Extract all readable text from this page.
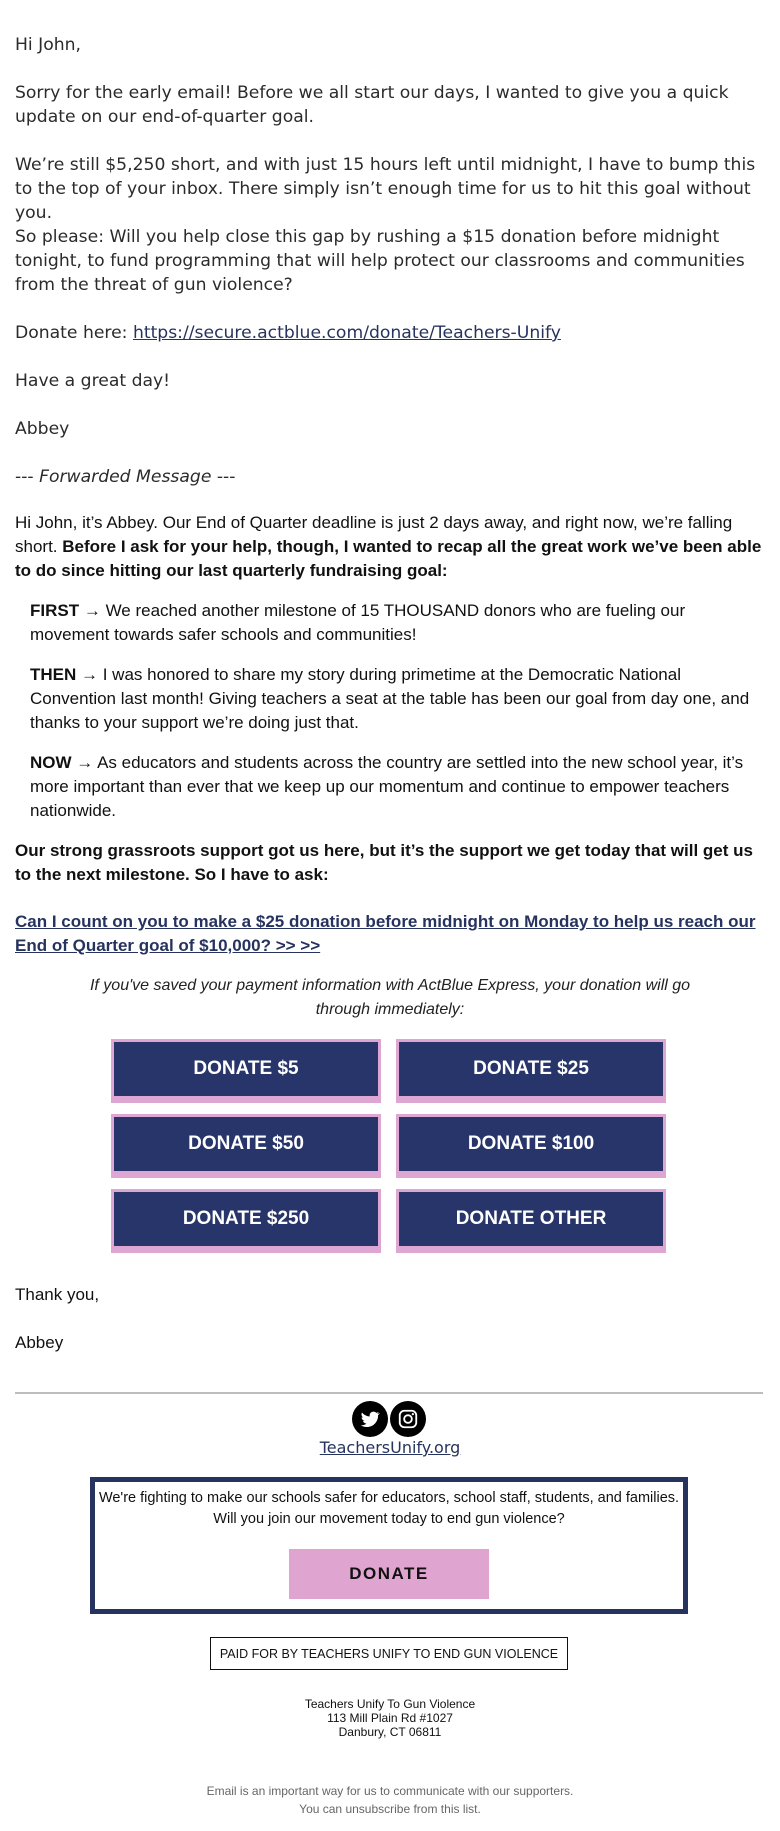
Hi John,

Sorry for the early email! Before we all start our days, I wanted to give you a quick update on our end-of-quarter goal.

We’re still $5,250 short, and with just 15 hours left until midnight, I have to bump this to the top of your inbox. There simply isn’t enough time for us to hit this goal without you.

So please: Will you help close this gap by rushing a $15 donation before midnight tonight, to fund programming that will help protect our classrooms and communities from the threat of gun violence?

Donate here: https://secure.actblue.com/donate/Teachers-Unify

Have a great day!

Abbey

--- Forwarded Message ---

Hi John, it’s Abbey. Our End of Quarter deadline is just 2 days away, and right now, we’re falling short. Before I ask for your help, though, I wanted to recap all the great work we’ve been able to do since hitting our last quarterly fundraising goal:

FIRST → We reached another milestone of 15 THOUSAND donors who are fueling our movement towards safer schools and communities!

THEN → I was honored to share my story during primetime at the Democratic National Convention last month! Giving teachers a seat at the table has been our goal from day one, and thanks to your support we’re doing just that.

NOW → As educators and students across the country are settled into the new school year, it’s more important than ever that we keep up our momentum and continue to empower teachers nationwide.

Our strong grassroots support got us here, but it’s the support we get today that will get us to the next milestone. So I have to ask:

Can I count on you to make a $25 donation before midnight on Monday to help us reach our End of Quarter goal of $10,000? >> >>

If you've saved your payment information with ActBlue Express, your donation will go through immediately:

DONATE $5	DONATE $25
DONATE $50	DONATE $100
DONATE $250	DONATE OTHER

Thank you,

Abbey

TeachersUnify.org
We're fighting to make our schools safer for educators, school staff, students, and families.
Will you join our movement today to end gun violence?
DONATE
PAID FOR BY TEACHERS UNIFY TO END GUN VIOLENCE
Teachers Unify To Gun Violence
113 Mill Plain Rd #1027
Danbury, CT 06811
Email is an important way for us to communicate with our supporters.
You can unsubscribe from this list.
